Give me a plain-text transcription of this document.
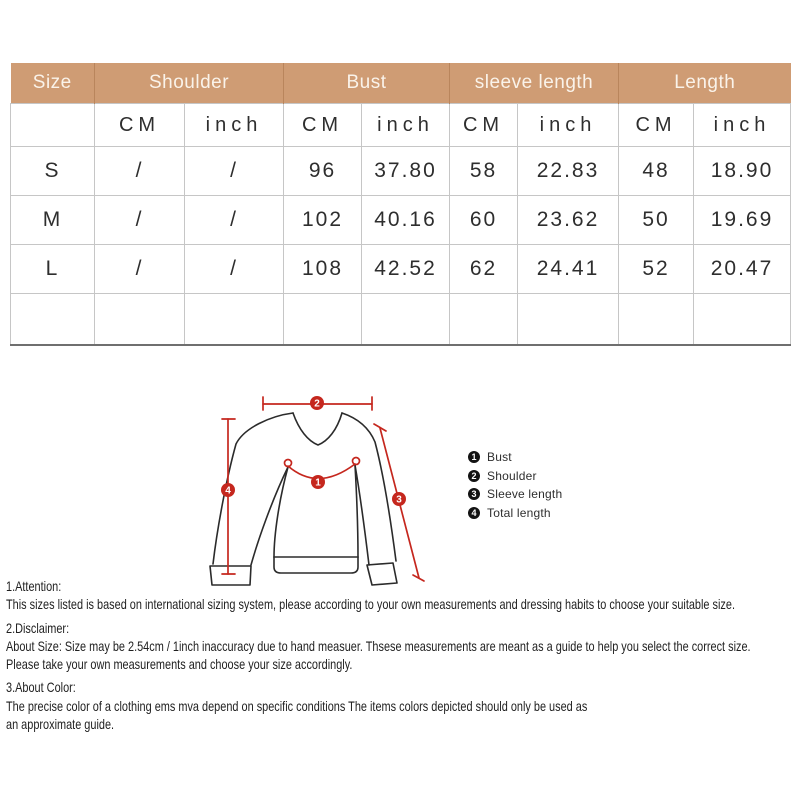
Size	Shoulder		Bust		sleeve length		Length	
	CM	inch	CM	inch	CM	inch	CM	inch
S	/	/	96	37.80	58	22.83	48	18.90
M	/	/	102	40.16	60	23.62	50	19.69
L	/	/	108	42.52	62	24.41	52	20.47

2
4
1
3
1 Bust
2 Shoulder
3 Sleeve length
4 Total length
1.Attention:
This sizes listed is based on international sizing system, please according to your own measurements and dressing habits to choose your suitable size.
2.Disclaimer:
About Size: Size may be 2.54cm / 1inch inaccuracy due to hand measuer. Thsese measurements are meant as a guide to help you select the correct size.
Please take your own measurements and choose your size accordingly.
3.About Color:
The precise color of a clothing ems mva depend on specific conditions The items colors depicted should only be used as
an approximate guide.
